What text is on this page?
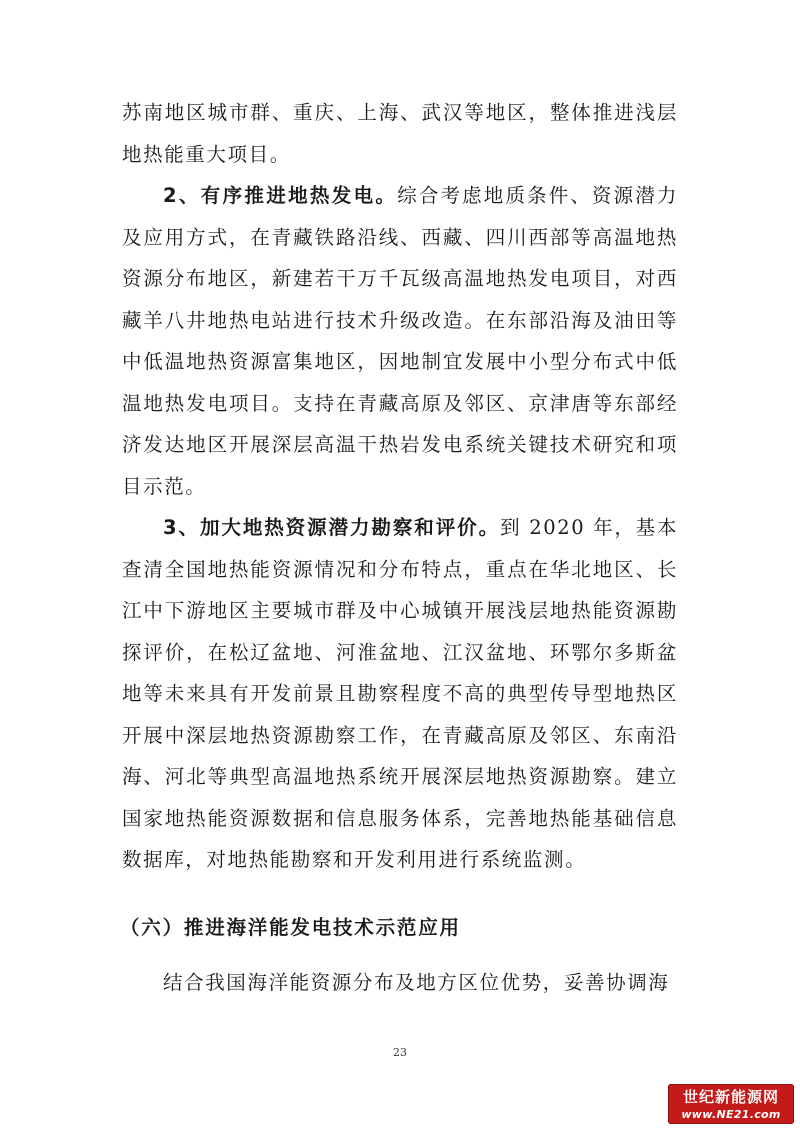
苏南地区城市群、重庆、上海、武汉等地区，整体推进浅层地热能重大项目。

2、有序推进地热发电。综合考虑地质条件、资源潜力及应用方式，在青藏铁路沿线、西藏、四川西部等高温地热资源分布地区，新建若干万千瓦级高温地热发电项目，对西藏羊八井地热电站进行技术升级改造。在东部沿海及油田等中低温地热资源富集地区，因地制宜发展中小型分布式中低温地热发电项目。支持在青藏高原及邻区、京津唐等东部经济发达地区开展深层高温干热岩发电系统关键技术研究和项目示范。

3、加大地热资源潜力勘察和评价。到 2020 年，基本查清全国地热能资源情况和分布特点，重点在华北地区、长江中下游地区主要城市群及中心城镇开展浅层地热能资源勘探评价，在松辽盆地、河淮盆地、江汉盆地、环鄂尔多斯盆地等未来具有开发前景且勘察程度不高的典型传导型地热区开展中深层地热资源勘察工作，在青藏高原及邻区、东南沿海、河北等典型高温地热系统开展深层地热资源勘察。建立国家地热能资源数据和信息服务体系，完善地热能基础信息数据库，对地热能勘察和开发利用进行系统监测。

（六）推进海洋能发电技术示范应用
结合我国海洋能资源分布及地方区位优势，妥善协调海
23
世纪新能源网
www.NE21.com
